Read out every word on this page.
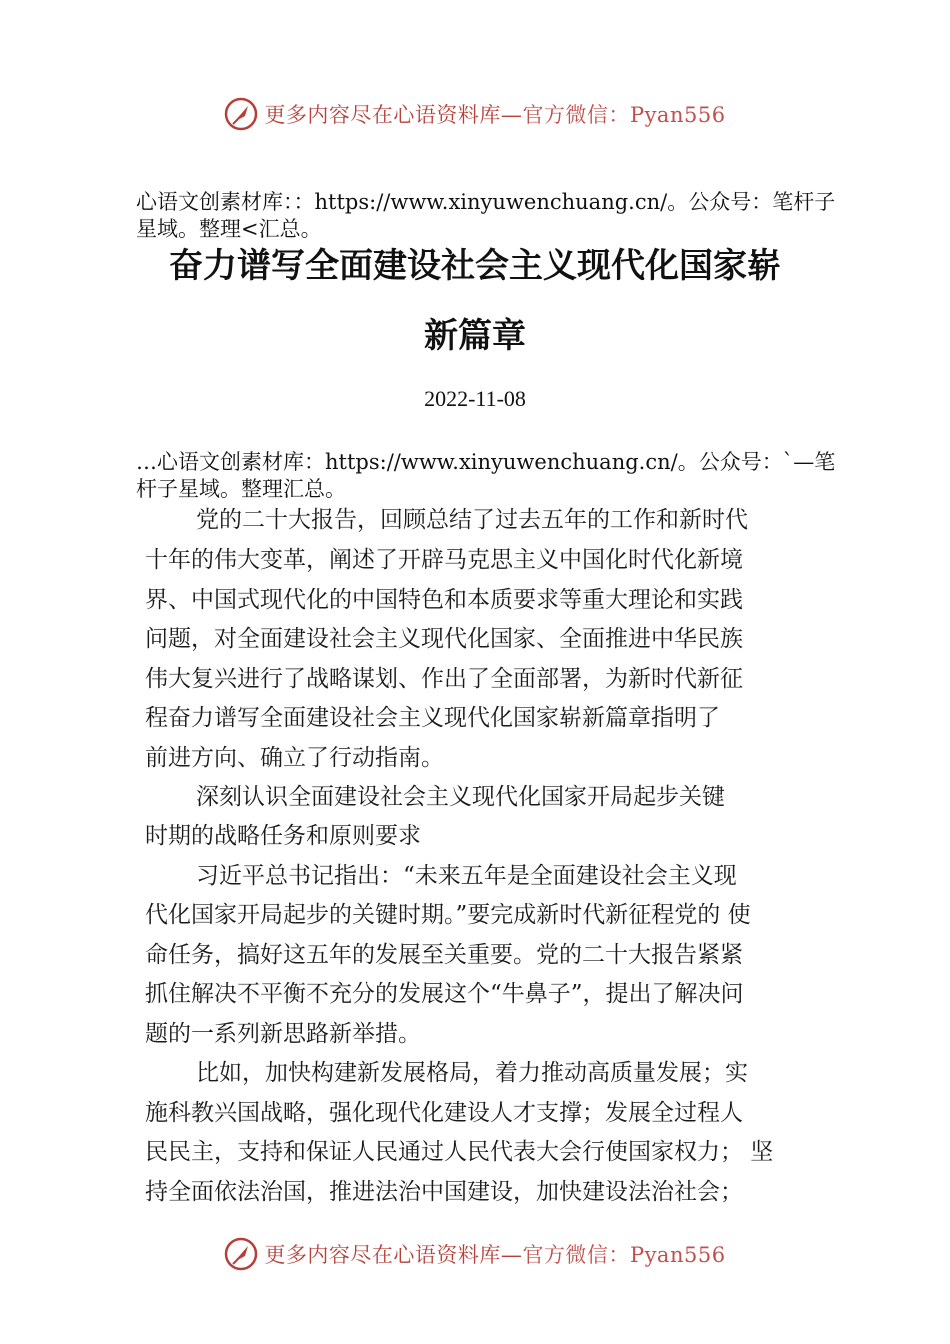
更多内容尽在心语资料库—官方微信：Pyan556
心语文创素材库：：https://www.xinyuwenchuang.cn/。公众号：笔杆子星域。整理<汇总。
奋力谱写全面建设社会主义现代化国家崭
新篇章
2022-11-08
…心语文创素材库：https://www.xinyuwenchuang.cn/。公众号：`—笔杆子星域。整理汇总。
党的二十大报告，回顾总结了过去五年的工作和新时代
十年的伟大变革，阐述了开辟马克思主义中国化时代化新境
界、中国式现代化的中国特色和本质要求等重大理论和实践
问题，对全面建设社会主义现代化国家、全面推进中华民族
伟大复兴进行了战略谋划、作出了全面部署，为新时代新征
程奋力谱写全面建设社会主义现代化国家崭新篇章指明了
前进方向、确立了行动指南。
深刻认识全面建设社会主义现代化国家开局起步关键
时期的战略任务和原则要求
习近平总书记指出：“未来五年是全面建设社会主义现
代化国家开局起步的关键时期。”要完成新时代新征程党的 使
命任务，搞好这五年的发展至关重要。党的二十大报告紧紧
抓住解决不平衡不充分的发展这个“牛鼻子”，提出了解决问
题的一系列新思路新举措。
比如，加快构建新发展格局，着力推动高质量发展；实
施科教兴国战略，强化现代化建设人才支撑；发展全过程人
民民主，支持和保证人民通过人民代表大会行使国家权力； 坚
持全面依法治国，推进法治中国建设，加快建设法治社会；
更多内容尽在心语资料库—官方微信：Pyan556
